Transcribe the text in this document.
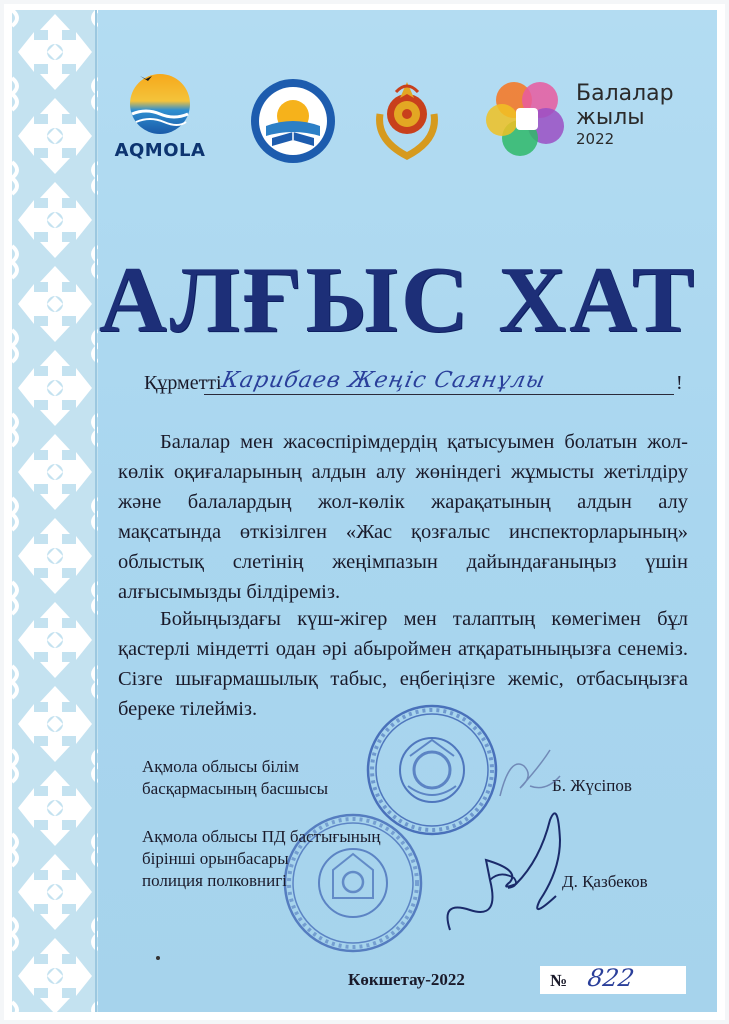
AQMOLA
Балалар
жылы
2022
АЛҒЫС ХАТ
Құрметті
Карибаев Жеңіс Саянұлы	!

Балалар мен жасөспірімдердің қатысуымен болатын жол-көлік оқиғаларының алдын алу жөніндегі жұмысты жетілдіру және балалардың жол-көлік жарақатының алдын алу мақсатында өткізілген «Жас қозғалыс инспекторларының» облыстық слетінің жеңімпазын дайындағаныңыз үшін алғысымызды білдіреміз.

Бойыңыздағы күш-жігер мен талаптың көмегімен бұл қастерлі міндетті одан әрі абыроймен атқаратыныңызға сенеміз. Сізге шығармашылық табыс, еңбегіңізге жеміс, отбасыңызға береке тілейміз.

Ақмола облысы білім
басқармасының басшысы	Б. Жүсіпов
Ақмола облысы ПД бастығының
бірінші орынбасары
полиция полковнигі	Д. Қазбеков
Көкшетау-2022	№ 822
